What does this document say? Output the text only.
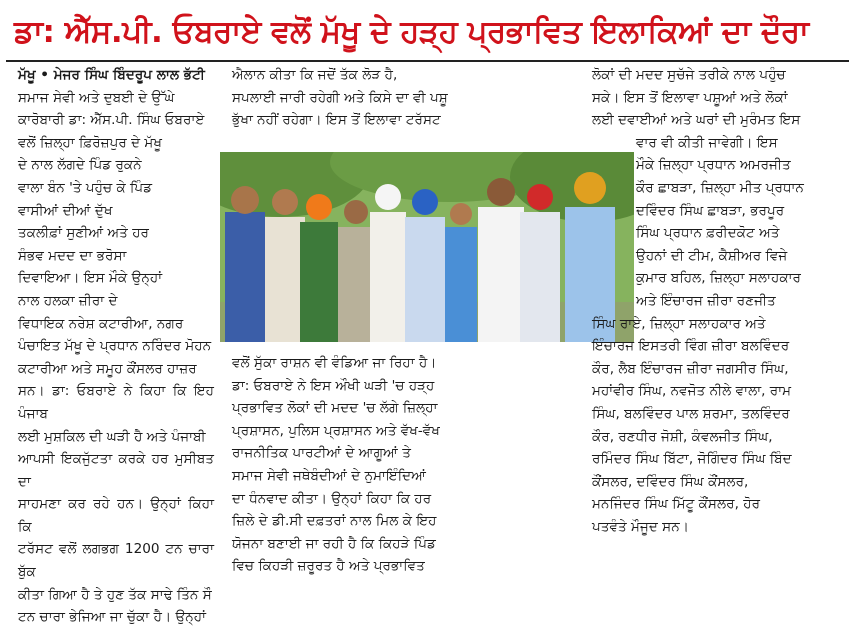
ਡਾ: ਐੱਸ.ਪੀ. ਓਬਰਾਏ ਵਲੋਂ ਮੱਖੂ ਦੇ ਹੜ੍ਹ ਪ੍ਰਭਾਵਿਤ ਇਲਾਕਿਆਂ ਦਾ ਦੌਰਾ

ਮੱਖੂ • ਮੇਜਰ ਸਿੰਘ ਬਿੰਦਰੂਪ ਲਾਲ ਭੱਟੀ

ਸਮਾਜ ਸੇਵੀ ਅਤੇ ਦੁਬਈ ਦੇ ਉੱਘੇ

ਕਾਰੋਬਾਰੀ ਡਾ: ਐੱਸ.ਪੀ. ਸਿੰਘ ਓਬਰਾਏ

ਵਲੋਂ ਜ਼ਿਲ੍ਹਾ ਫ਼ਿਰੋਜ਼ਪੁਰ ਦੇ ਮੱਖੂ

ਦੇ ਨਾਲ ਲੱਗਦੇ ਪਿੰਡ ਰੁਕਨੇ

ਵਾਲਾ ਬੰਨ 'ਤੇ ਪਹੁੰਚ ਕੇ ਪਿੰਡ

ਵਾਸੀਆਂ ਦੀਆਂ ਦੁੱਖ

ਤਕਲੀਫ਼ਾਂ ਸੁਣੀਆਂ ਅਤੇ ਹਰ

ਸੰਭਵ ਮਦਦ ਦਾ ਭਰੋਸਾ

ਦਿਵਾਇਆ। ਇਸ ਮੌਕੇ ਉਨ੍ਹਾਂ

ਨਾਲ ਹਲਕਾ ਜ਼ੀਰਾ ਦੇ

ਵਿਧਾਇਕ ਨਰੇਸ਼ ਕਟਾਰੀਆ, ਨਗਰ

ਪੰਚਾਇਤ ਮੱਖੂ ਦੇ ਪ੍ਰਧਾਨ ਨਰਿੰਦਰ ਮੋਹਨ

ਕਟਾਰੀਆ ਅਤੇ ਸਮੂਹ ਕੌਂਸਲਰ ਹਾਜ਼ਰ

ਸਨ। ਡਾ: ਓਬਰਾਏ ਨੇ ਕਿਹਾ ਕਿ ਇਹ ਪੰਜਾਬ

ਲਈ ਮੁਸ਼ਕਿਲ ਦੀ ਘੜੀ ਹੈ ਅਤੇ ਪੰਜਾਬੀ

ਆਪਸੀ ਇਕਜੁੱਟਤਾ ਕਰਕੇ ਹਰ ਮੁਸੀਬਤ ਦਾ

ਸਾਹਮਣਾ ਕਰ ਰਹੇ ਹਨ। ਉਨ੍ਹਾਂ ਕਿਹਾ ਕਿ

ਟਰੱਸਟ ਵਲੋਂ ਲਗਭਗ 1200 ਟਨ ਚਾਰਾ ਬੁੱਕ

ਕੀਤਾ ਗਿਆ ਹੈ ਤੇ ਹੁਣ ਤੱਕ ਸਾਢੇ ਤਿੰਨ ਸੌ

ਟਨ ਚਾਰਾ ਭੇਜਿਆ ਜਾ ਚੁੱਕਾ ਹੈ। ਉਨ੍ਹਾਂ

ਐਲਾਨ ਕੀਤਾ ਕਿ ਜਦੋਂ ਤੱਕ ਲੋੜ ਹੈ,

ਸਪਲਾਈ ਜਾਰੀ ਰਹੇਗੀ ਅਤੇ ਕਿਸੇ ਦਾ ਵੀ ਪਸ਼ੂ

ਭੁੱਖਾ ਨਹੀਂ ਰਹੇਗਾ। ਇਸ ਤੋਂ ਇਲਾਵਾ ਟਰੱਸਟ

ਵਲੋਂ ਸੁੱਕਾ ਰਾਸ਼ਨ ਵੀ ਵੰਡਿਆ ਜਾ ਰਿਹਾ ਹੈ।

ਡਾ: ਓਬਰਾਏ ਨੇ ਇਸ ਔਖੀ ਘੜੀ 'ਚ ਹੜ੍ਹ

ਪ੍ਰਭਾਵਿਤ ਲੋਕਾਂ ਦੀ ਮਦਦ 'ਚ ਲੱਗੇ ਜ਼ਿਲ੍ਹਾ

ਪ੍ਰਸ਼ਾਸਨ, ਪੁਲਿਸ ਪ੍ਰਸ਼ਾਸਨ ਅਤੇ ਵੱਖ-ਵੱਖ

ਰਾਜਨੀਤਿਕ ਪਾਰਟੀਆਂ ਦੇ ਆਗੂਆਂ ਤੇ

ਸਮਾਜ ਸੇਵੀ ਜਥੇਬੰਦੀਆਂ ਦੇ ਨੁਮਾਇੰਦਿਆਂ

ਦਾ ਧੰਨਵਾਦ ਕੀਤਾ। ਉਨ੍ਹਾਂ ਕਿਹਾ ਕਿ ਹਰ

ਜ਼ਿਲੇ ਦੇ ਡੀ.ਸੀ ਦਫ਼ਤਰਾਂ ਨਾਲ ਮਿਲ ਕੇ ਇਹ

ਯੋਜਨਾ ਬਣਾਈ ਜਾ ਰਹੀ ਹੈ ਕਿ ਕਿਹੜੇ ਪਿੰਡ

ਵਿਚ ਕਿਹੜੀ ਜ਼ਰੂਰਤ ਹੈ ਅਤੇ ਪ੍ਰਭਾਵਿਤ

ਲੋਕਾਂ ਦੀ ਮਦਦ ਸੁਚੱਜੇ ਤਰੀਕੇ ਨਾਲ ਪਹੁੰਚ

ਸਕੇ। ਇਸ ਤੋਂ ਇਲਾਵਾ ਪਸ਼ੂਆਂ ਅਤੇ ਲੋਕਾਂ

ਲਈ ਦਵਾਈਆਂ ਅਤੇ ਘਰਾਂ ਦੀ ਮੁਰੰਮਤ ਇਸ

ਵਾਰ ਵੀ ਕੀਤੀ ਜਾਵੇਗੀ। ਇਸ

ਮੌਕੇ ਜ਼ਿਲ੍ਹਾ ਪ੍ਰਧਾਨ ਅਮਰਜੀਤ

ਕੌਰ ਛਾਬੜਾ, ਜ਼ਿਲ੍ਹਾ ਮੀਤ ਪ੍ਰਧਾਨ

ਦਵਿੰਦਰ ਸਿੰਘ ਛਾਬੜਾ, ਭਰਪੂਰ

ਸਿੰਘ ਪ੍ਰਧਾਨ ਫ਼ਰੀਦਕੋਟ ਅਤੇ

ਉਹਨਾਂ ਦੀ ਟੀਮ, ਕੈਸ਼ੀਅਰ ਵਿਜੇ

ਕੁਮਾਰ ਬਹਿਲ, ਜ਼ਿਲ੍ਹਾ ਸਲਾਹਕਾਰ

ਅਤੇ ਇੰਚਾਰਜ ਜ਼ੀਰਾ ਰਣਜੀਤ

ਸਿੰਘ ਰਾਏ, ਜ਼ਿਲ੍ਹਾ ਸਲਾਹਕਾਰ ਅਤੇ

ਇੰਚਾਰਜ ਇਸਤਰੀ ਵਿੰਗ ਜ਼ੀਰਾ ਬਲਵਿੰਦਰ

ਕੌਰ, ਲੈਬ ਇੰਚਾਰਜ ਜ਼ੀਰਾ ਜਗਸੀਰ ਸਿੰਘ,

ਮਹਾਂਵੀਰ ਸਿੰਘ, ਨਵਜੋਤ ਨੀਲੇ ਵਾਲਾ, ਰਾਮ

ਸਿੰਘ, ਬਲਵਿੰਦਰ ਪਾਲ ਸ਼ਰਮਾ, ਤਲਵਿੰਦਰ

ਕੌਰ, ਰਣਧੀਰ ਜੋਸ਼ੀ, ਕੰਵਲਜੀਤ ਸਿੰਘ,

ਰਮਿੰਦਰ ਸਿੰਘ ਬਿੱਟਾ, ਜੋਗਿੰਦਰ ਸਿੰਘ ਬਿੰਦ

ਕੌਂਸਲਰ, ਦਵਿੰਦਰ ਸਿੰਘ ਕੌਂਸਲਰ,

ਮਨਜਿੰਦਰ ਸਿੰਘ ਮਿੱਟੂ ਕੌਂਸਲਰ, ਹੋਰ

ਪਤਵੰਤੇ ਮੌਜੂਦ ਸਨ।
